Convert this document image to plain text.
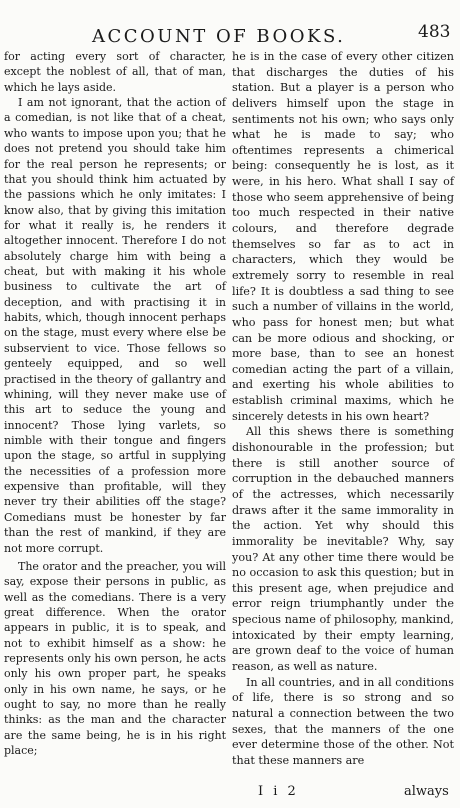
ACCOUNT OF BOOKS.	483

for acting every sort of character, except the noblest of all, that of man, which he lays aside.

I am not ignorant, that the action of a comedian, is not like that of a cheat, who wants to impose upon you; that he does not pretend you should take him for the real person he represents; or that you should think him actuated by the passions which he only imitates: I know also, that by giving this imitation for what it really is, he renders it altogether innocent. Therefore I do not absolutely charge him with being a cheat, but with making it his whole business to cultivate the art of deception, and with practising it in habits, which, though innocent perhaps on the stage, must every where else be subservient to vice. Those fellows so genteely equipped, and so well practised in the theory of gallantry and whining, will they never make use of this art to seduce the young and innocent? Those lying varlets, so nimble with their tongue and fingers upon the stage, so artful in supplying the necessities of a profession more expensive than profitable, will they never try their abilities off the stage? Comedians must be honester by far than the rest of mankind, if they are not more corrupt.

The orator and the preacher, you will say, expose their persons in public, as well as the comedians. There is a very great difference. When the orator appears in public, it is to speak, and not to exhibit himself as a show: he represents only his own person, he acts only his own proper part, he speaks only in his own name, he says, or he ought to say, no more than he really thinks: as the man and the character are the same being, he is in his right place;

he is in the case of every other citizen that discharges the duties of his station. But a player is a person who delivers himself upon the stage in sentiments not his own; who says only what he is made to say; who oftentimes represents a chimerical being: consequently he is lost, as it were, in his hero. What shall I say of those who seem apprehensive of being too much respected in their native colours, and therefore degrade themselves so far as to act in characters, which they would be extremely sorry to resemble in real life? It is doubtless a sad thing to see such a number of villains in the world, who pass for honest men; but what can be more odious and shocking, or more base, than to see an honest comedian acting the part of a villain, and exerting his whole abilities to establish criminal maxims, which he sincerely detests in his own heart?

All this shews there is something dishonourable in the profession; but there is still another source of corruption in the debauched manners of the actresses, which necessarily draws after it the same immorality in the action. Yet why should this immorality be inevitable? Why, say you? At any other time there would be no occasion to ask this question; but in this present age, when prejudice and error reign triumphantly under the specious name of philosophy, mankind, intoxicated by their empty learning, are grown deaf to the voice of human reason, as well as nature.

In all countries, and in all conditions of life, there is so strong and so natural a connection between the two sexes, that the manners of the one ever determine those of the other. Not that these manners are

I i 2	always
